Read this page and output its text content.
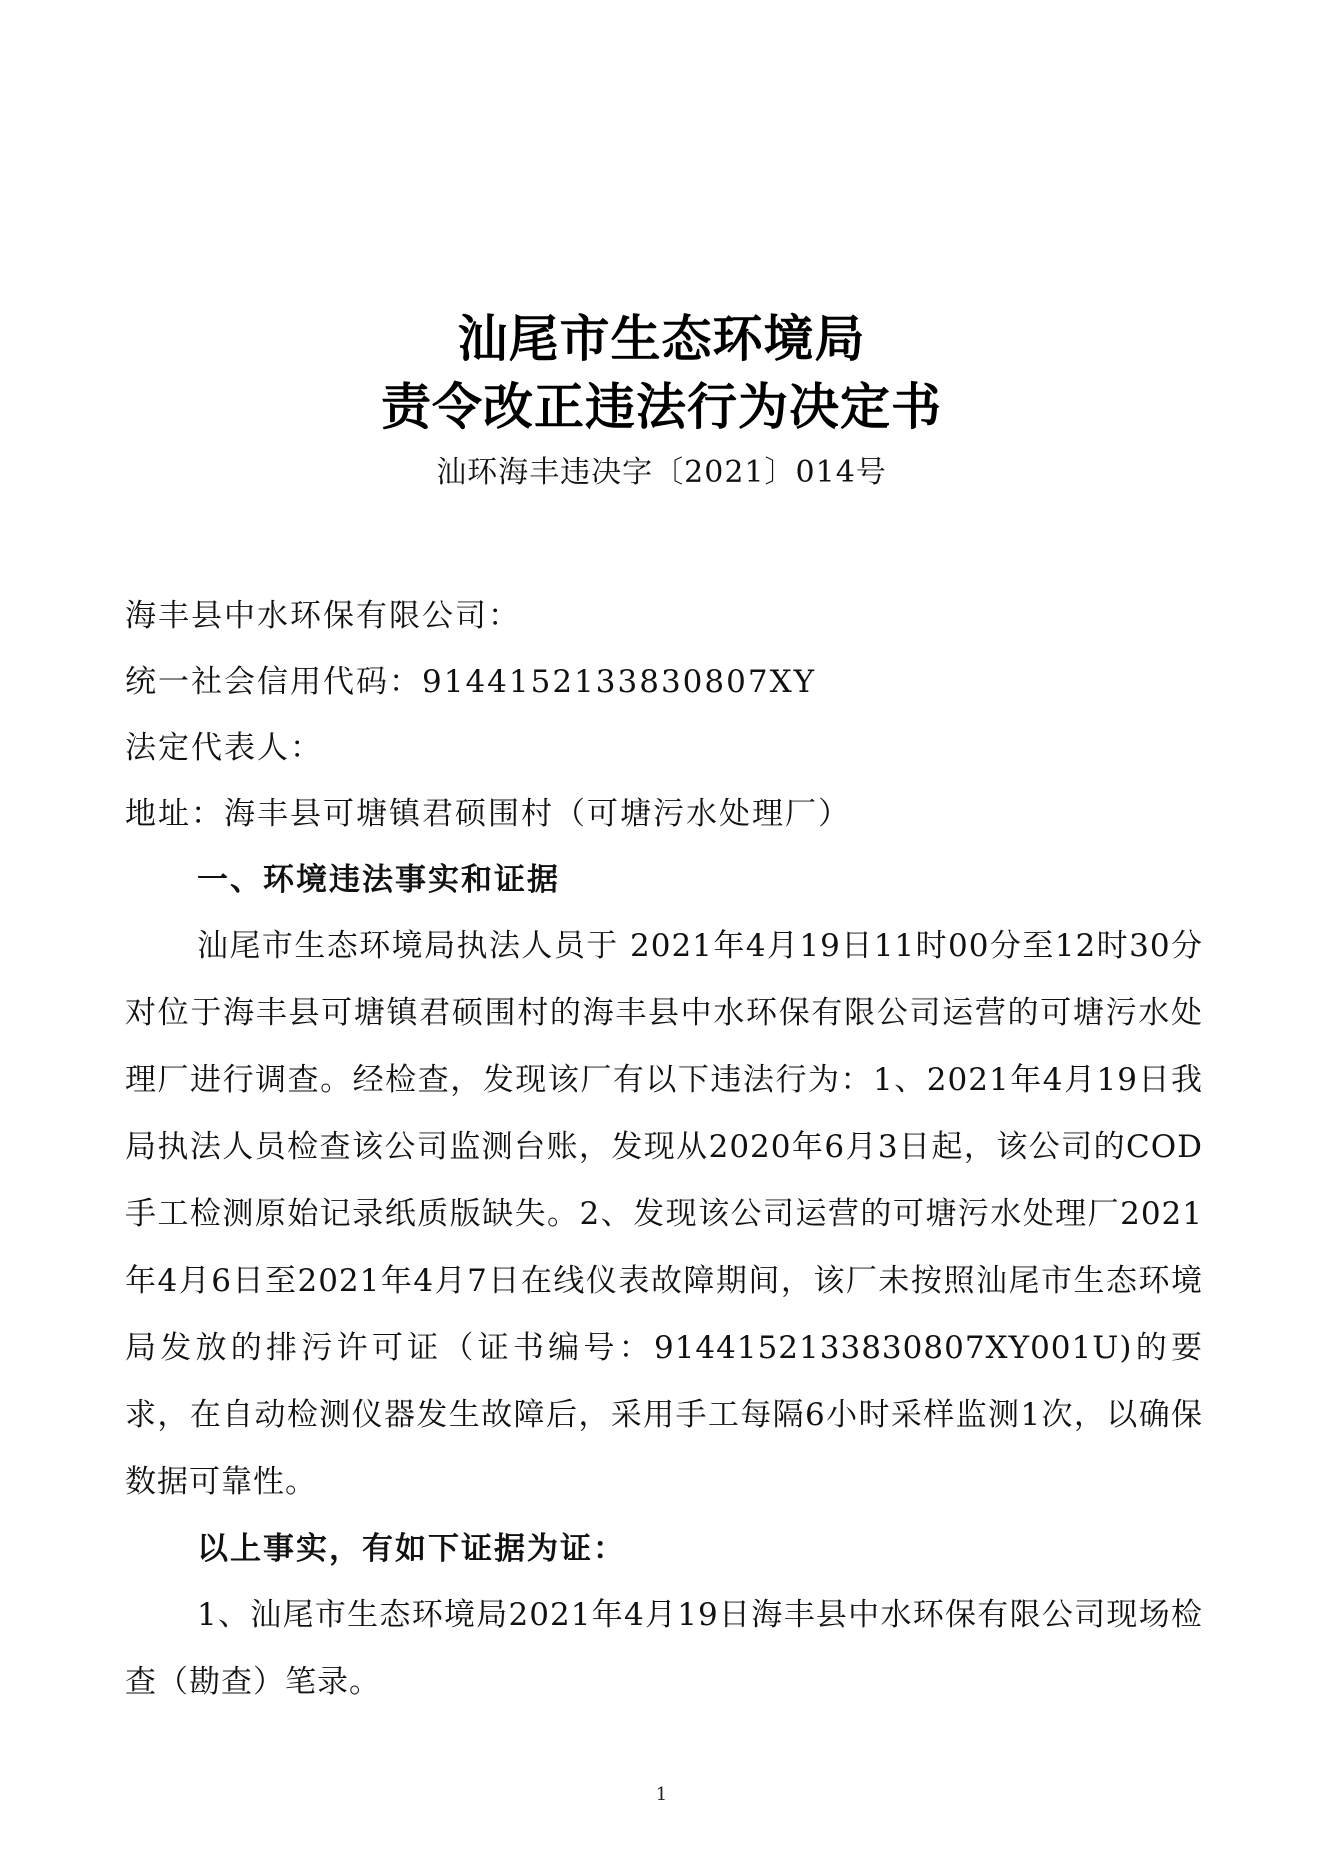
汕尾市生态环境局
责令改正违法行为决定书
汕环海丰违决字〔2021〕014号
海丰县中水环保有限公司：
统一社会信用代码：9144152133830807XY
法定代表人：
地址：海丰县可塘镇君硕围村（可塘污水处理厂）
一、环境违法事实和证据
汕尾市生态环境局执法人员于 2021年4月19日11时00分至12时30分对位于海丰县可塘镇君硕围村的海丰县中水环保有限公司运营的可塘污水处理厂进行调查。经检查，发现该厂有以下违法行为：1、2021年4月19日我局执法人员检查该公司监测台账，发现从2020年6月3日起，该公司的COD 手工检测原始记录纸质版缺失。2、发现该公司运营的可塘污水处理厂2021年4月6日至2021年4月7日在线仪表故障期间，该厂未按照汕尾市生态环境局发放的排污许可证（证书编号：9144152133830807XY001U)的要求，在自动检测仪器发生故障后，采用手工每隔6小时采样监测1次，以确保数据可靠性。
以上事实，有如下证据为证：
1、汕尾市生态环境局2021年4月19日海丰县中水环保有限公司现场检查（勘查）笔录。
1
